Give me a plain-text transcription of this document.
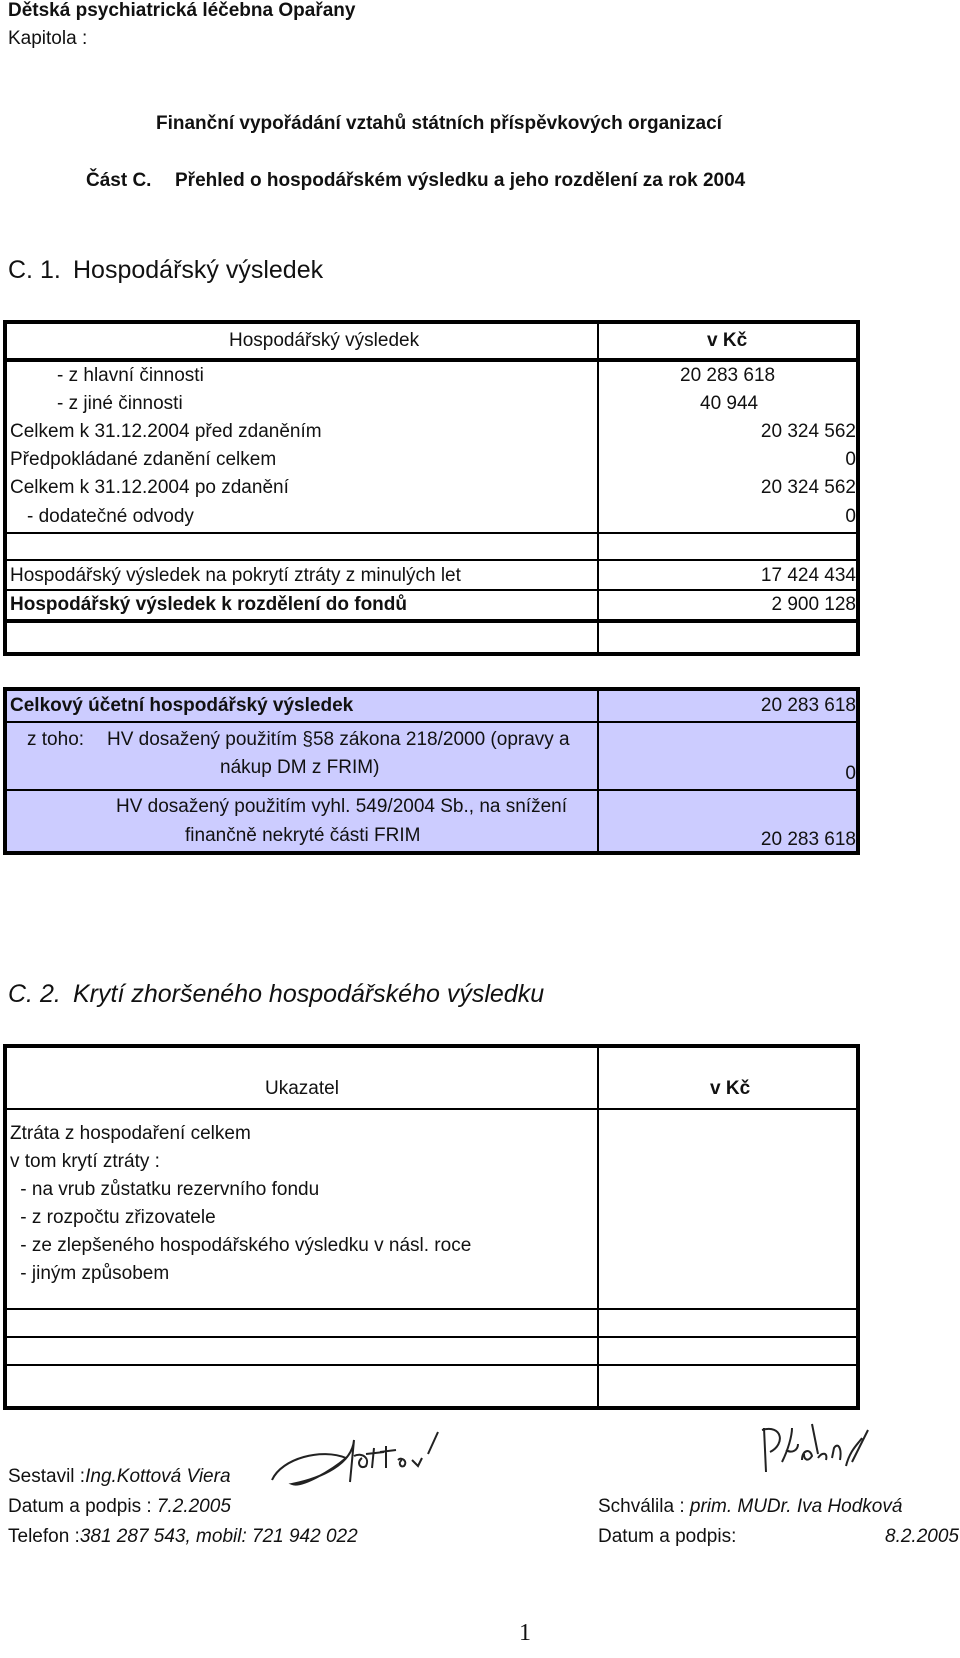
Dětská psychiatrická léčebna Opařany
Kapitola :
Finanční vypořádání vztahů státních příspěvkových organizací
Část C. Přehled o hospodářském výsledku a jeho rozdělení za rok 2004
C. 1. Hospodářský výsledek
Hospodářský výsledek	v Kč
- z hlavní činnosti	20 283 618
- z jiné činnosti	40 944
Celkem k 31.12.2004 před zdaněním	20 324 562
Předpokládané zdanění celkem	0
Celkem k 31.12.2004 po zdanění	20 324 562
- dodatečné odvody	0
Hospodářský výsledek na pokrytí ztráty z minulých let	17 424 434
Hospodářský výsledek k rozdělení do fondů	2 900 128
Celkový účetní hospodářský výsledek	20 283 618
z toho: HV dosažený použitím §58 zákona 218/2000 (opravy a
nákup DM z FRIM)	0
HV dosažený použitím vyhl. 549/2004 Sb., na snížení
finančně nekryté části FRIM	20 283 618
C. 2. Krytí zhoršeného hospodářského výsledku
Ukazatel	v Kč
Ztráta z hospodaření celkem
v tom krytí ztráty :
- na vrub zůstatku rezervního fondu
- z rozpočtu zřizovatele
- ze zlepšeného hospodářského výsledku v násl. roce
- jiným způsobem
Sestavil :Ing.Kottová Viera
Datum a podpis : 7.2.2005
Telefon :381 287 543, mobil: 721 942 022
Schválila : prim. MUDr. Iva Hodková
Datum a podpis:	8.2.2005
1
